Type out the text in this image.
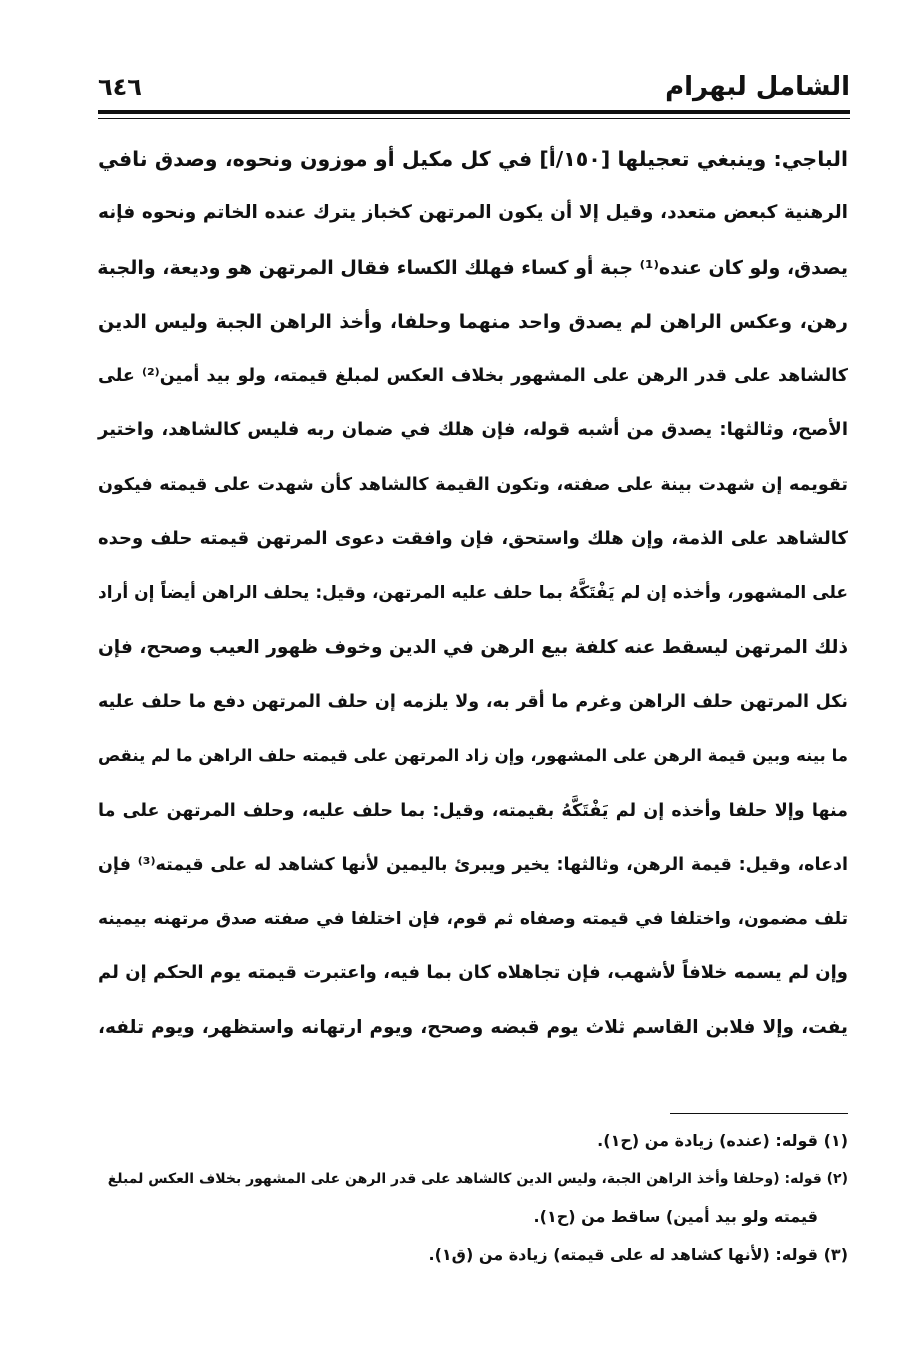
الشامل لبهرام
٦٤٦
الباجي: وينبغي تعجيلها [١٥٠/أ] في كل مكيل أو موزون ونحوه، وصدق نافي
الرهنية كبعض متعدد، وقيل إلا أن يكون المرتهن كخباز يترك عنده الخاتم ونحوه فإنه
يصدق، ولو كان عنده⁽¹⁾ جبة أو كساء فهلك الكساء فقال المرتهن هو وديعة، والجبة
رهن، وعكس الراهن لم يصدق واحد منهما وحلفا، وأخذ الراهن الجبة وليس الدين
كالشاهد على قدر الرهن على المشهور بخلاف العكس لمبلغ قيمته، ولو بيد أمين⁽²⁾ على
الأصح، وثالثها: يصدق من أشبه قوله، فإن هلك في ضمان ربه فليس كالشاهد، واختير
تقويمه إن شهدت بينة على صفته، وتكون القيمة كالشاهد كأن شهدت على قيمته فيكون
كالشاهد على الذمة، وإن هلك واستحق، فإن وافقت دعوى المرتهن قيمته حلف وحده
على المشهور، وأخذه إن لم يَفْتَكَّهُ بما حلف عليه المرتهن، وقيل: يحلف الراهن أيضاً إن أراد
ذلك المرتهن ليسقط عنه كلفة بيع الرهن في الدين وخوف ظهور العيب وصحح، فإن
نكل المرتهن حلف الراهن وغرم ما أقر به، ولا يلزمه إن حلف المرتهن دفع ما حلف عليه
ما بينه وبين قيمة الرهن على المشهور، وإن زاد المرتهن على قيمته حلف الراهن ما لم ينقص
منها وإلا حلفا وأخذه إن لم يَفْتَكَّهُ بقيمته، وقيل: بما حلف عليه، وحلف المرتهن على ما
ادعاه، وقيل: قيمة الرهن، وثالثها: يخير ويبرئ باليمين لأنها كشاهد له على قيمته⁽³⁾ فإن
تلف مضمون، واختلفا في قيمته وصفاه ثم قوم، فإن اختلفا في صفته صدق مرتهنه بيمينه
وإن لم يسمه خلافاً لأشهب، فإن تجاهلاه كان بما فيه، واعتبرت قيمته يوم الحكم إن لم
يفت، وإلا فلابن القاسم ثلاث يوم قبضه وصحح، ويوم ارتهانه واستظهر، ويوم تلفه،
(١) قوله: (عنده) زيادة من (ح١).
(٢) قوله: (وحلفا وأخذ الراهن الجبة، وليس الدين كالشاهد على قدر الرهن على المشهور بخلاف العكس لمبلغ
قيمته ولو بيد أمين) ساقط من (ح١).
(٣) قوله: (لأنها كشاهد له على قيمته) زيادة من (ق١).
